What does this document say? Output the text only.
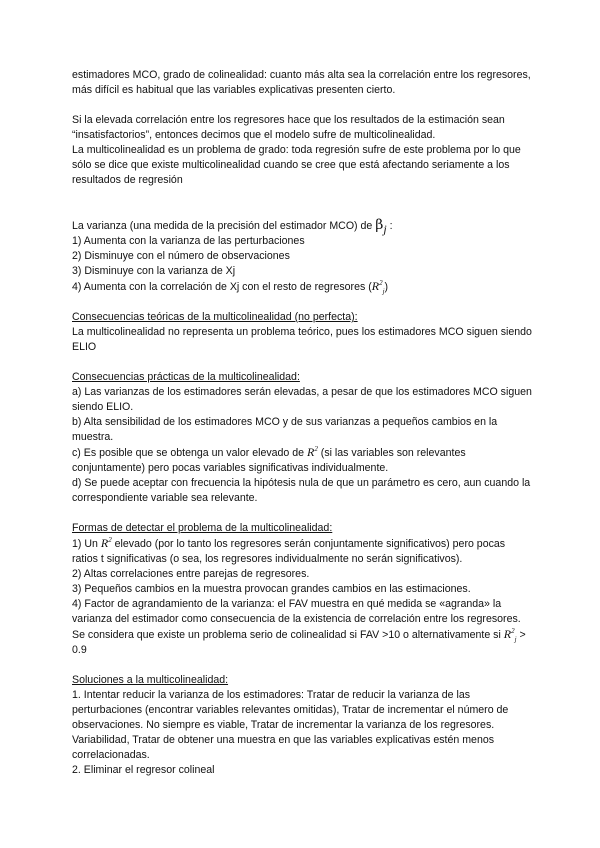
estimadores MCO, grado de colinealidad: cuanto más alta sea la correlación entre los regresores, más difícil es habitual que las variables explicativas presenten cierto.

Si la elevada correlación entre los regresores hace que los resultados de la estimación sean “insatisfactorios”, entonces decimos que el modelo sufre de multicolinealidad.

La multicolinealidad es un problema de grado: toda regresión sufre de este problema por lo que sólo se dice que existe multicolinealidad cuando se cree que está afectando seriamente a los resultados de regresión

La varianza (una medida de la precisión del estimador MCO) de $\beta_j$ :

1) Aumenta con la varianza de las perturbaciones

2) Disminuye con el número de observaciones

3) Disminuye con la varianza de Xj

4) Aumenta con la correlación de Xj con el resto de regresores $(R^2_j)$

Consecuencias teóricas de la multicolinealidad (no perfecta):

La multicolinealidad no representa un problema teórico, pues los estimadores MCO siguen siendo ELIO

Consecuencias prácticas de la multicolinealidad:

a) Las varianzas de los estimadores serán elevadas, a pesar de que los estimadores MCO siguen siendo ELIO.

b) Alta sensibilidad de los estimadores MCO y de sus varianzas a pequeños cambios en la muestra.

c) Es posible que se obtenga un valor elevado de $R^2$ (si las variables son relevantes conjuntamente) pero pocas variables significativas individualmente.

d) Se puede aceptar con frecuencia la hipótesis nula de que un parámetro es cero, aun cuando la correspondiente variable sea relevante.

Formas de detectar el problema de la multicolinealidad:

1) Un $R^2$ elevado (por lo tanto los regresores serán conjuntamente significativos) pero pocas ratios t significativas (o sea, los regresores individualmente no serán significativos).

2) Altas correlaciones entre parejas de regresores.

3) Pequeños cambios en la muestra provocan grandes cambios en las estimaciones.

4) Factor de agrandamiento de la varianza: el FAV muestra en qué medida se «agranda» la varianza del estimador como consecuencia de la existencia de correlación entre los regresores. Se considera que existe un problema serio de colinealidad si FAV >10 o alternativamente si $R^2_j > 0.9$

Soluciones a la multicolinealidad:

1. Intentar reducir la varianza de los estimadores: Tratar de reducir la varianza de las perturbaciones (encontrar variables relevantes omitidas), Tratar de incrementar el número de observaciones. No siempre es viable, Tratar de incrementar la varianza de los regresores. Variabilidad, Tratar de obtener una muestra en que las variables explicativas estén menos correlacionadas.

2. Eliminar el regresor colineal
